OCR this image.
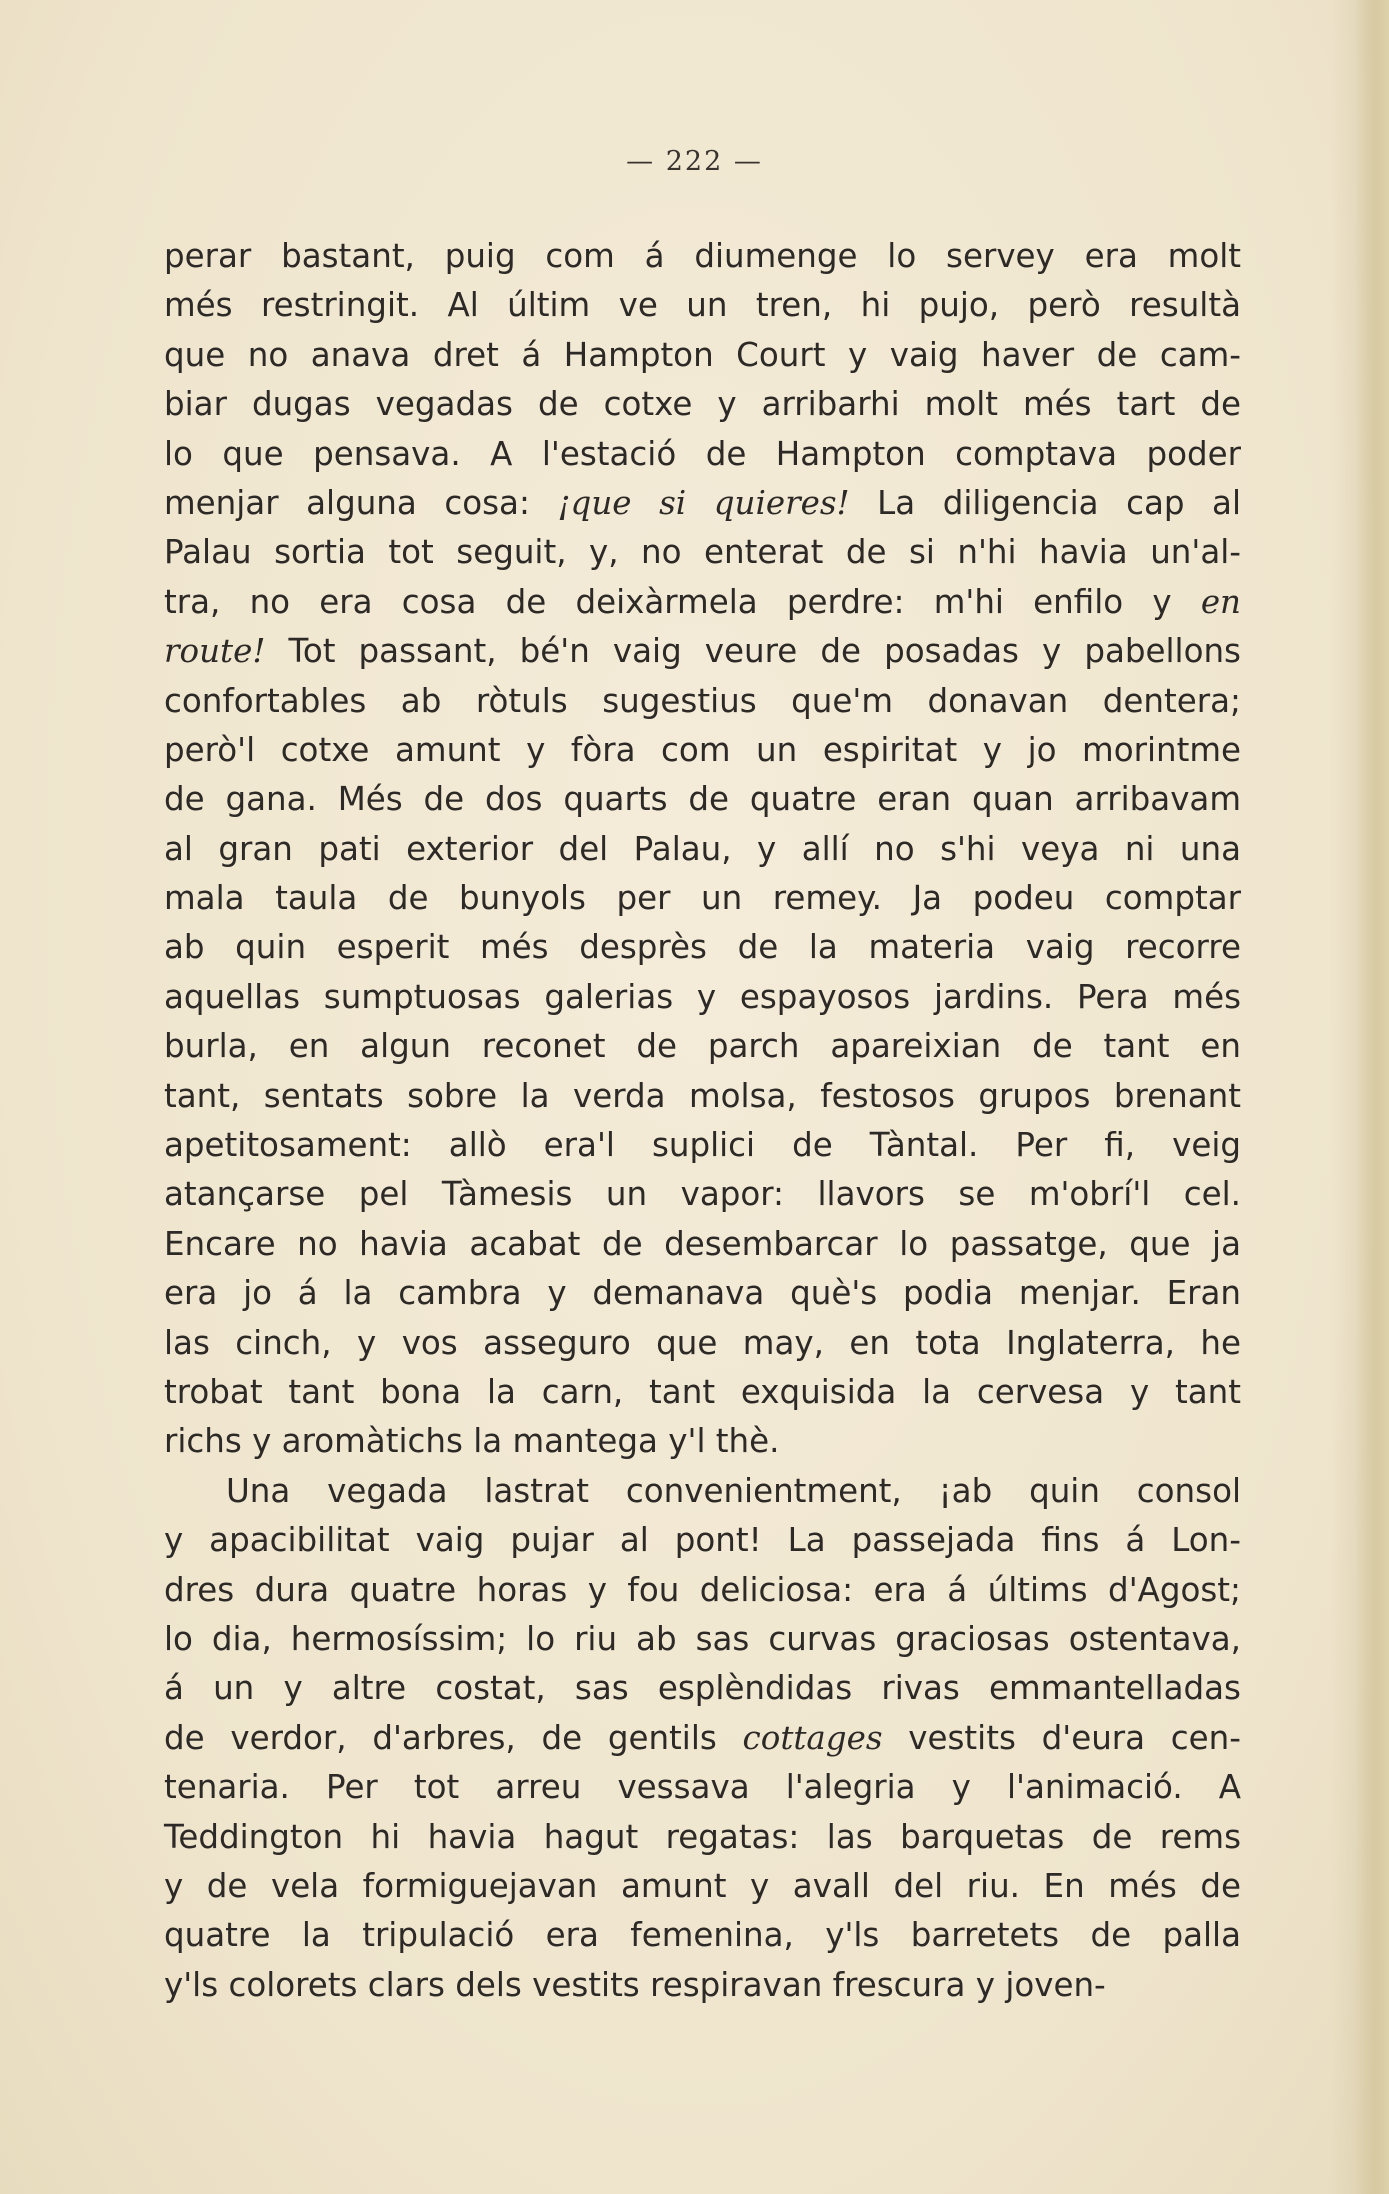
— 222 —
perar bastant, puig com á diumenge lo servey era molt
més restringit. Al últim ve un tren, hi pujo, però resultà
que no anava dret á Hampton Court y vaig haver de cam-
biar dugas vegadas de cotxe y arribarhi molt més tart de
lo que pensava. A l'estació de Hampton comptava poder
menjar alguna cosa: ¡que si quieres! La diligencia cap al
Palau sortia tot seguit, y, no enterat de si n'hi havia un'al-
tra, no era cosa de deixàrmela perdre: m'hi enfilo y en
route! Tot passant, bé'n vaig veure de posadas y pabellons
confortables ab ròtuls sugestius que'm donavan dentera;
però'l cotxe amunt y fòra com un espiritat y jo morintme
de gana. Més de dos quarts de quatre eran quan arribavam
al gran pati exterior del Palau, y allí no s'hi veya ni una
mala taula de bunyols per un remey. Ja podeu comptar
ab quin esperit més desprès de la materia vaig recorre
aquellas sumptuosas galerias y espayosos jardins. Pera més
burla, en algun reconet de parch apareixian de tant en
tant, sentats sobre la verda molsa, festosos grupos brenant
apetitosament: allò era'l suplici de Tàntal. Per fi, veig
atançarse pel Tàmesis un vapor: llavors se m'obrí'l cel.
Encare no havia acabat de desembarcar lo passatge, que ja
era jo á la cambra y demanava què's podia menjar. Eran
las cinch, y vos asseguro que may, en tota Inglaterra, he
trobat tant bona la carn, tant exquisida la cervesa y tant
richs y aromàtichs la mantega y'l thè.
Una vegada lastrat convenientment, ¡ab quin consol
y apacibilitat vaig pujar al pont! La passejada fins á Lon-
dres dura quatre horas y fou deliciosa: era á últims d'Agost;
lo dia, hermosíssim; lo riu ab sas curvas graciosas ostentava,
á un y altre costat, sas esplèndidas rivas emmantelladas
de verdor, d'arbres, de gentils cottages vestits d'eura cen-
tenaria. Per tot arreu vessava l'alegria y l'animació. A
Teddington hi havia hagut regatas: las barquetas de rems
y de vela formiguejavan amunt y avall del riu. En més de
quatre la tripulació era femenina, y'ls barretets de palla
y'ls colorets clars dels vestits respiravan frescura y joven-
